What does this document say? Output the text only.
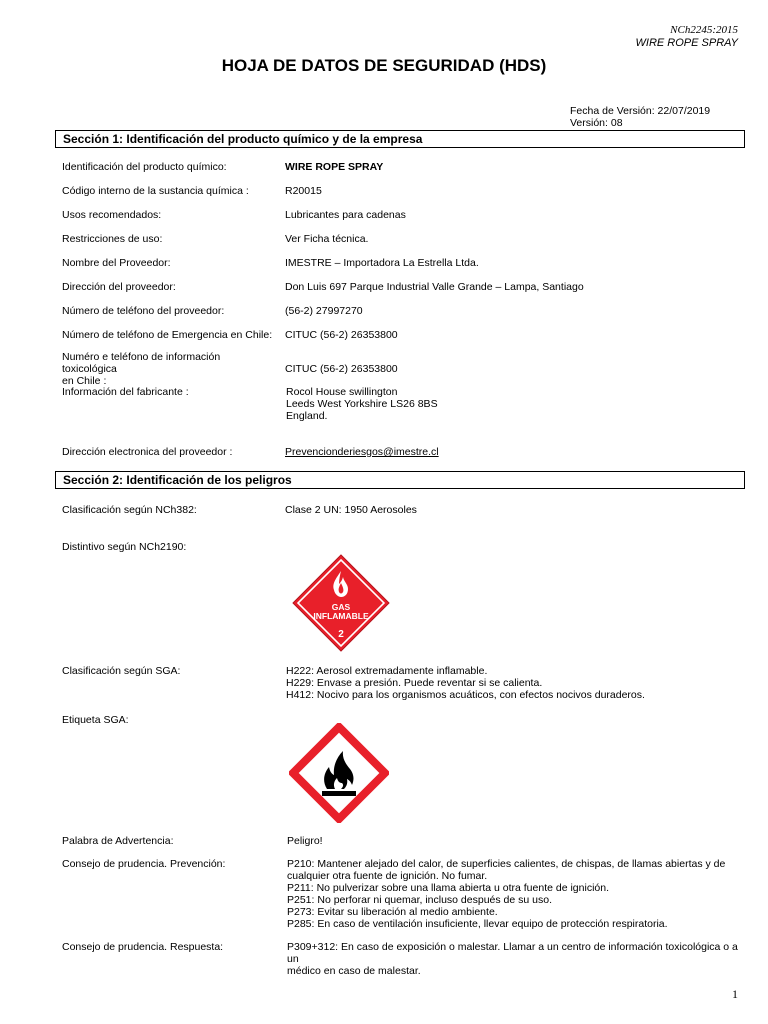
NCh2245:2015
WIRE ROPE SPRAY
HOJA DE DATOS DE SEGURIDAD (HDS)
Fecha de Versión: 22/07/2019
Versión: 08
Sección 1: Identificación del producto químico y de la empresa
Identificación del producto químico:	WIRE ROPE SPRAY
Código interno de la sustancia química :	R20015
Usos recomendados:	Lubricantes para cadenas
Restricciones de uso:	Ver Ficha técnica.
Nombre del Proveedor:	IMESTRE – Importadora La Estrella Ltda.
Dirección del proveedor:	Don Luis 697 Parque Industrial Valle Grande – Lampa, Santiago
Número de teléfono del proveedor:	(56-2) 27997270
Número de teléfono de Emergencia en Chile:	CITUC (56-2) 26353800
Numéro e teléfono de información toxicológica
en Chile :
CITUC (56-2) 26353800
Información del fabricante :	Rocol House swillington
Leeds West Yorkshire LS26 8BS
England.
Dirección electronica del proveedor :	Prevencionderiesgos@imestre.cl
Sección 2: Identificación de los peligros
Clasificación según NCh382:	Clase 2 UN: 1950 Aerosoles
Distintivo según NCh2190:
GAS
INFLAMABLE
2
Clasificación según SGA:	H222: Aerosol extremadamente inflamable.
H229: Envase a presión. Puede reventar si se calienta.
H412: Nocivo para los organismos acuáticos, con efectos nocivos duraderos.
Etiqueta SGA:
Palabra de Advertencia:	Peligro!
Consejo de prudencia. Prevención:	P210: Mantener alejado del calor, de superficies calientes, de chispas, de llamas abiertas y de
cualquier otra fuente de ignición. No fumar.
P211: No pulverizar sobre una llama abierta u otra fuente de ignición.
P251: No perforar ni quemar, incluso después de su uso.
P273: Evitar su liberación al medio ambiente.
P285: En caso de ventilación insuficiente, llevar equipo de protección respiratoria.
Consejo de prudencia. Respuesta:	P309+312: En caso de exposición o malestar. Llamar a un centro de información toxicológica o a un
médico en caso de malestar.
1
